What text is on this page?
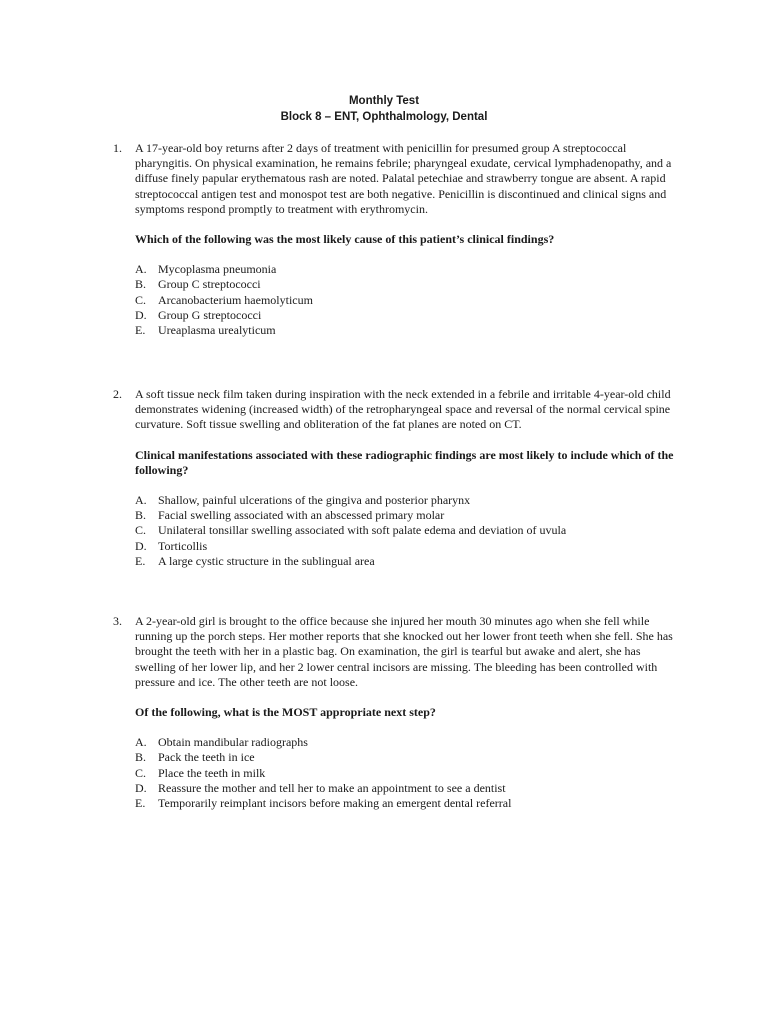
Monthly Test
Block 8 – ENT, Ophthalmology, Dental
1. A 17-year-old boy returns after 2 days of treatment with penicillin for presumed group A streptococcal pharyngitis. On physical examination, he remains febrile; pharyngeal exudate, cervical lymphadenopathy, and a diffuse finely papular erythematous rash are noted. Palatal petechiae and strawberry tongue are absent. A rapid streptococcal antigen test and monospot test are both negative. Penicillin is discontinued and clinical signs and symptoms respond promptly to treatment with erythromycin.

Which of the following was the most likely cause of this patient’s clinical findings?

A. Mycoplasma pneumonia
B. Group C streptococci
C. Arcanobacterium haemolyticum
D. Group G streptococci
E. Ureaplasma urealyticum
2. A soft tissue neck film taken during inspiration with the neck extended in a febrile and irritable 4-year-old child demonstrates widening (increased width) of the retropharyngeal space and reversal of the normal cervical spine curvature. Soft tissue swelling and obliteration of the fat planes are noted on CT.

Clinical manifestations associated with these radiographic findings are most likely to include which of the following?

A. Shallow, painful ulcerations of the gingiva and posterior pharynx
B. Facial swelling associated with an abscessed primary molar
C. Unilateral tonsillar swelling associated with soft palate edema and deviation of uvula
D. Torticollis
E. A large cystic structure in the sublingual area
3. A 2-year-old girl is brought to the office because she injured her mouth 30 minutes ago when she fell while running up the porch steps. Her mother reports that she knocked out her lower front teeth when she fell. She has brought the teeth with her in a plastic bag. On examination, the girl is tearful but awake and alert, she has swelling of her lower lip, and her 2 lower central incisors are missing. The bleeding has been controlled with pressure and ice. The other teeth are not loose.

Of the following, what is the MOST appropriate next step?

A. Obtain mandibular radiographs
B. Pack the teeth in ice
C. Place the teeth in milk
D. Reassure the mother and tell her to make an appointment to see a dentist
E. Temporarily reimplant incisors before making an emergent dental referral
